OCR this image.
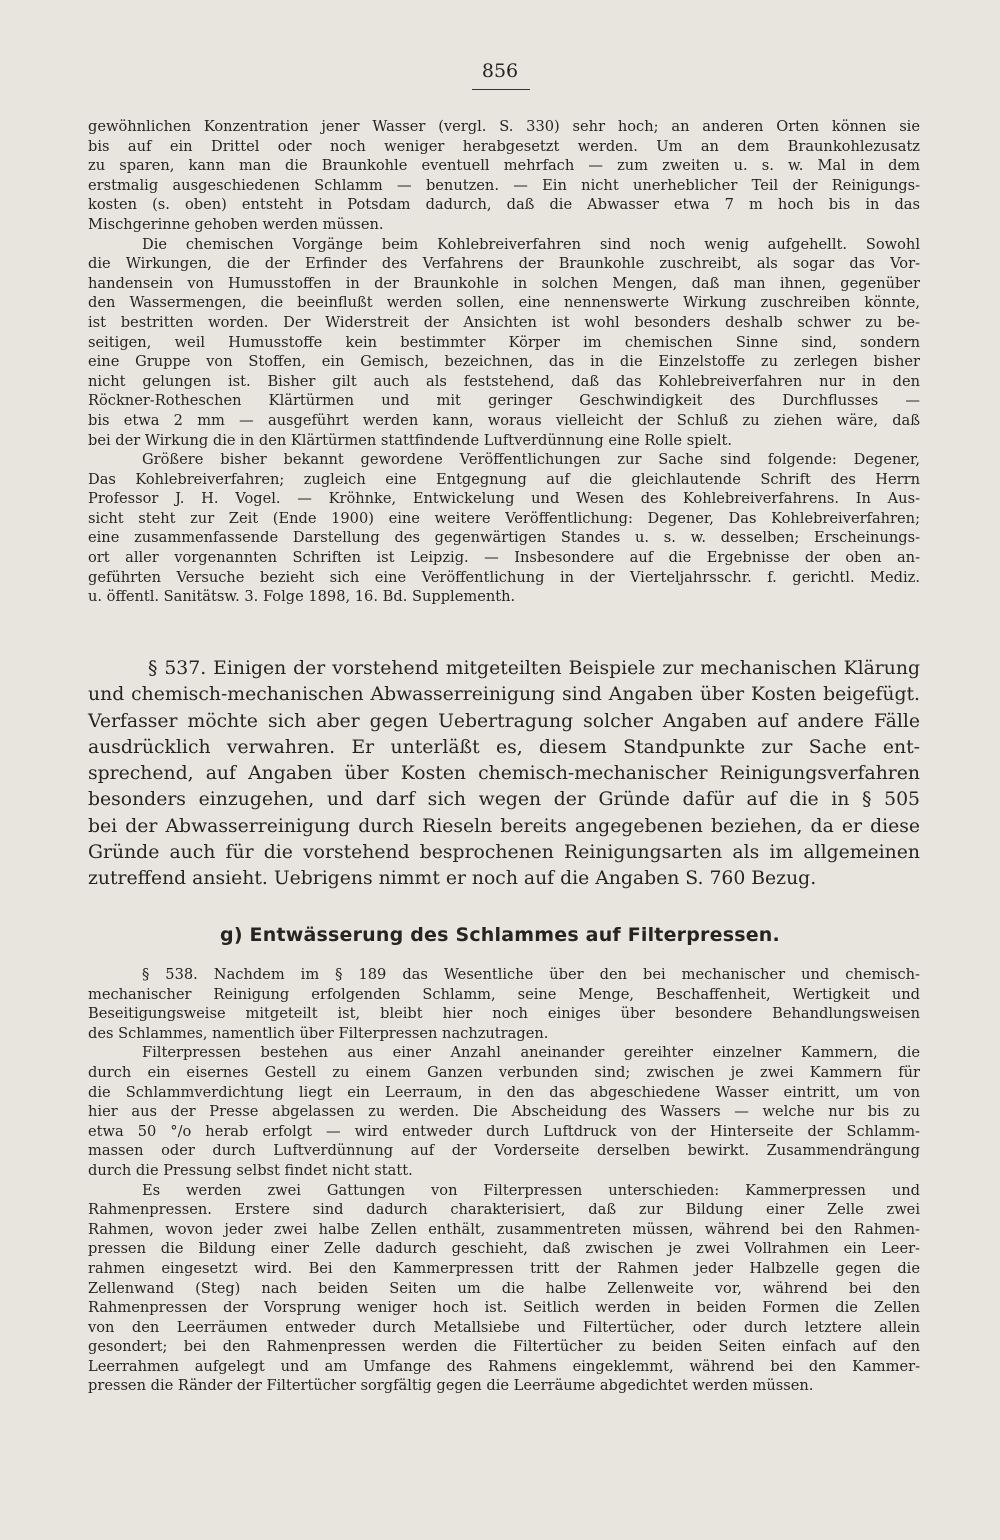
856
gewöhnlichen Konzentration jener Wasser (vergl. S. 330) sehr hoch; an anderen Orten können sie
bis auf ein Drittel oder noch weniger herabgesetzt werden. Um an dem Braunkohlezusatz
zu sparen, kann man die Braunkohle eventuell mehrfach — zum zweiten u. s. w. Mal in dem
erstmalig ausgeschiedenen Schlamm — benutzen. — Ein nicht unerheblicher Teil der Reinigungs-
kosten (s. oben) entsteht in Potsdam dadurch, daß die Abwasser etwa 7 m hoch bis in das
Mischgerinne gehoben werden müssen.
Die chemischen Vorgänge beim Kohlebreiverfahren sind noch wenig aufgehellt. Sowohl
die Wirkungen, die der Erfinder des Verfahrens der Braunkohle zuschreibt, als sogar das Vor-
handensein von Humusstoffen in der Braunkohle in solchen Mengen, daß man ihnen, gegenüber
den Wassermengen, die beeinflußt werden sollen, eine nennenswerte Wirkung zuschreiben könnte,
ist bestritten worden. Der Widerstreit der Ansichten ist wohl besonders deshalb schwer zu be-
seitigen, weil Humusstoffe kein bestimmter Körper im chemischen Sinne sind, sondern
eine Gruppe von Stoffen, ein Gemisch, bezeichnen, das in die Einzelstoffe zu zerlegen bisher
nicht gelungen ist. Bisher gilt auch als feststehend, daß das Kohlebreiverfahren nur in den
Röckner-Rotheschen Klärtürmen und mit geringer Geschwindigkeit des Durchflusses —
bis etwa 2 mm — ausgeführt werden kann, woraus vielleicht der Schluß zu ziehen wäre, daß
bei der Wirkung die in den Klärtürmen stattfindende Luftverdünnung eine Rolle spielt.
Größere bisher bekannt gewordene Veröffentlichungen zur Sache sind folgende: Degener,
Das Kohlebreiverfahren; zugleich eine Entgegnung auf die gleichlautende Schrift des Herrn
Professor J. H. Vogel. — Kröhnke, Entwickelung und Wesen des Kohlebreiverfahrens. In Aus-
sicht steht zur Zeit (Ende 1900) eine weitere Veröffentlichung: Degener, Das Kohlebreiverfahren;
eine zusammenfassende Darstellung des gegenwärtigen Standes u. s. w. desselben; Erscheinungs-
ort aller vorgenannten Schriften ist Leipzig. — Insbesondere auf die Ergebnisse der oben an-
geführten Versuche bezieht sich eine Veröffentlichung in der Vierteljahrsschr. f. gerichtl. Mediz.
u. öffentl. Sanitätsw. 3. Folge 1898, 16. Bd. Supplementh.
§ 537. Einigen der vorstehend mitgeteilten Beispiele zur mechanischen Klärung
und chemisch-mechanischen Abwasserreinigung sind Angaben über Kosten beigefügt.
Verfasser möchte sich aber gegen Uebertragung solcher Angaben auf andere Fälle
ausdrücklich verwahren. Er unterläßt es, diesem Standpunkte zur Sache ent-
sprechend, auf Angaben über Kosten chemisch-mechanischer Reinigungsverfahren
besonders einzugehen, und darf sich wegen der Gründe dafür auf die in § 505
bei der Abwasserreinigung durch Rieseln bereits angegebenen beziehen, da er diese
Gründe auch für die vorstehend besprochenen Reinigungsarten als im allgemeinen
zutreffend ansieht. Uebrigens nimmt er noch auf die Angaben S. 760 Bezug.
g) Entwässerung des Schlammes auf Filterpressen.
§ 538. Nachdem im § 189 das Wesentliche über den bei mechanischer und chemisch-
mechanischer Reinigung erfolgenden Schlamm, seine Menge, Beschaffenheit, Wertigkeit und
Beseitigungsweise mitgeteilt ist, bleibt hier noch einiges über besondere Behandlungsweisen
des Schlammes, namentlich über Filterpressen nachzutragen.
Filterpressen bestehen aus einer Anzahl aneinander gereihter einzelner Kammern, die
durch ein eisernes Gestell zu einem Ganzen verbunden sind; zwischen je zwei Kammern für
die Schlammverdichtung liegt ein Leerraum, in den das abgeschiedene Wasser eintritt, um von
hier aus der Presse abgelassen zu werden. Die Abscheidung des Wassers — welche nur bis zu
etwa 50 °/o herab erfolgt — wird entweder durch Luftdruck von der Hinterseite der Schlamm-
massen oder durch Luftverdünnung auf der Vorderseite derselben bewirkt. Zusammendrängung
durch die Pressung selbst findet nicht statt.
Es werden zwei Gattungen von Filterpressen unterschieden: Kammerpressen und
Rahmenpressen. Erstere sind dadurch charakterisiert, daß zur Bildung einer Zelle zwei
Rahmen, wovon jeder zwei halbe Zellen enthält, zusammentreten müssen, während bei den Rahmen-
pressen die Bildung einer Zelle dadurch geschieht, daß zwischen je zwei Vollrahmen ein Leer-
rahmen eingesetzt wird. Bei den Kammerpressen tritt der Rahmen jeder Halbzelle gegen die
Zellenwand (Steg) nach beiden Seiten um die halbe Zellenweite vor, während bei den
Rahmenpressen der Vorsprung weniger hoch ist. Seitlich werden in beiden Formen die Zellen
von den Leerräumen entweder durch Metallsiebe und Filtertücher, oder durch letztere allein
gesondert; bei den Rahmenpressen werden die Filtertücher zu beiden Seiten einfach auf den
Leerrahmen aufgelegt und am Umfange des Rahmens eingeklemmt, während bei den Kammer-
pressen die Ränder der Filtertücher sorgfältig gegen die Leerräume abgedichtet werden müssen.
